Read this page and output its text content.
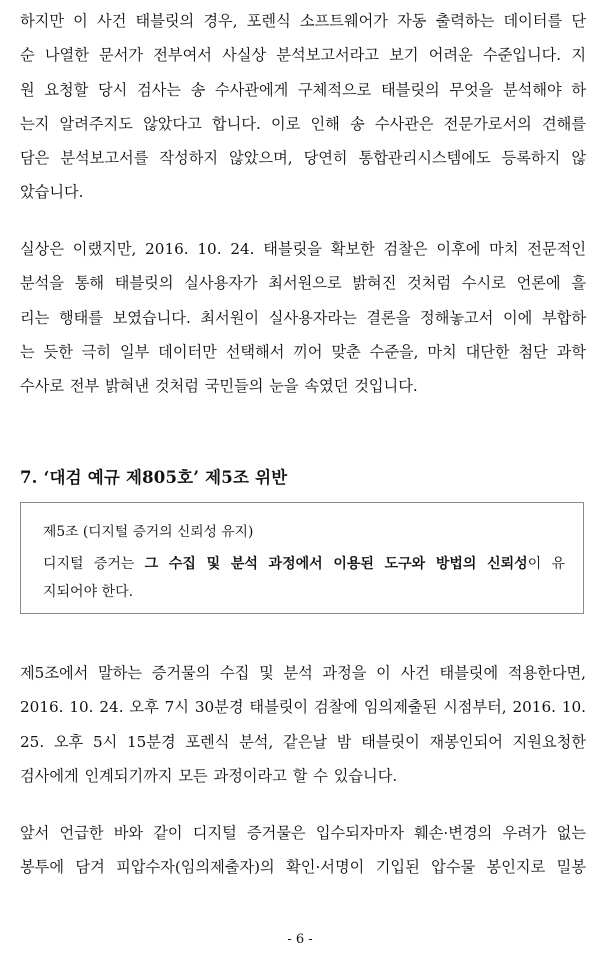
하지만 이 사건 태블릿의 경우, 포렌식 소프트웨어가 자동 출력하는 데이터를 단
순 나열한 문서가 전부여서 사실상 분석보고서라고 보기 어려운 수준입니다. 지
원 요청할 당시 검사는 송 수사관에게 구체적으로 태블릿의 무엇을 분석해야 하
는지 알려주지도 않았다고 합니다. 이로 인해 송 수사관은 전문가로서의 견해를
담은 분석보고서를 작성하지 않았으며, 당연히 통합관리시스템에도 등록하지 않
았습니다.

실상은 이랬지만, 2016. 10. 24. 태블릿을 확보한 검찰은 이후에 마치 전문적인
분석을 통해 태블릿의 실사용자가 최서원으로 밝혀진 것처럼 수시로 언론에 흘
리는 행태를 보였습니다. 최서원이 실사용자라는 결론을 정해놓고서 이에 부합하
는 듯한 극히 일부 데이터만 선택해서 끼어 맞춘 수준을, 마치 대단한 첨단 과학
수사로 전부 밝혀낸 것처럼 국민들의 눈을 속였던 것입니다.

7. ‘대검 예규 제805호’ 제5조 위반
제5조 (디지털 증거의 신뢰성 유지)
디지털 증거는 그 수집 및 분석 과정에서 이용된 도구와 방법의 신뢰성이 유
지되어야 한다.

제5조에서 말하는 증거물의 수집 및 분석 과정을 이 사건 태블릿에 적용한다면,
2016. 10. 24. 오후 7시 30분경 태블릿이 검찰에 임의제출된 시점부터, 2016. 10.
25. 오후 5시 15분경 포렌식 분석, 같은날 밤 태블릿이 재봉인되어 지원요청한
검사에게 인계되기까지 모든 과정이라고 할 수 있습니다.

앞서 언급한 바와 같이 디지털 증거물은 입수되자마자 훼손·변경의 우려가 없는
봉투에 담겨 피압수자(임의제출자)의 확인·서명이 기입된 압수물 봉인지로 밀봉

- 6 -
